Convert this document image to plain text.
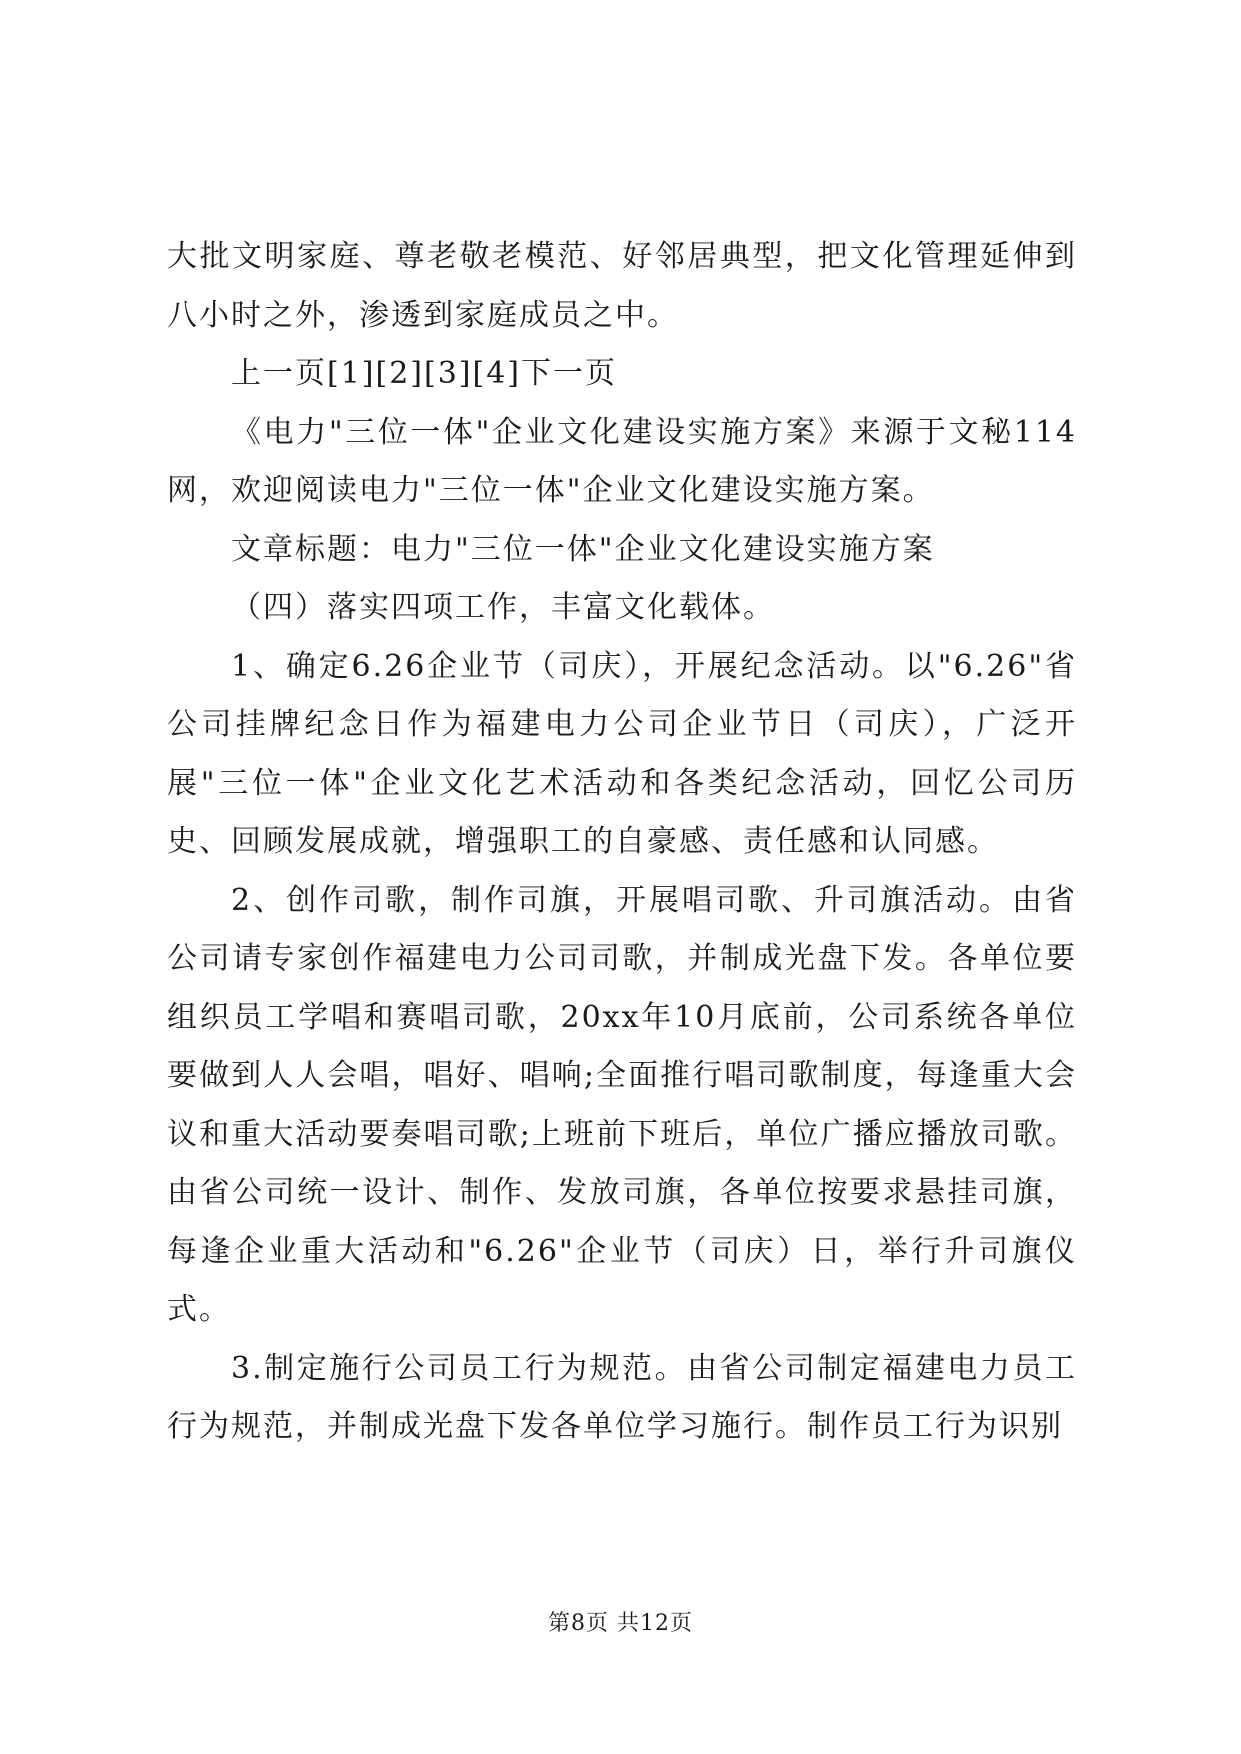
大批文明家庭、尊老敬老模范、好邻居典型，把文化管理延伸到八小时之外，渗透到家庭成员之中。

上一页[1][2][3][4]下一页

《电力"三位一体"企业文化建设实施方案》来源于文秘114网，欢迎阅读电力"三位一体"企业文化建设实施方案。

文章标题：电力"三位一体"企业文化建设实施方案

（四）落实四项工作，丰富文化载体。

1、确定6.26企业节（司庆），开展纪念活动。以"6.26"省公司挂牌纪念日作为福建电力公司企业节日（司庆），广泛开展"三位一体"企业文化艺术活动和各类纪念活动，回忆公司历史、回顾发展成就，增强职工的自豪感、责任感和认同感。

2、创作司歌，制作司旗，开展唱司歌、升司旗活动。由省公司请专家创作福建电力公司司歌，并制成光盘下发。各单位要组织员工学唱和赛唱司歌，20xx年10月底前，公司系统各单位要做到人人会唱，唱好、唱响;全面推行唱司歌制度，每逢重大会议和重大活动要奏唱司歌;上班前下班后，单位广播应播放司歌。由省公司统一设计、制作、发放司旗，各单位按要求悬挂司旗，每逢企业重大活动和"6.26"企业节（司庆）日，举行升司旗仪式。

3.制定施行公司员工行为规范。由省公司制定福建电力员工行为规范，并制成光盘下发各单位学习施行。制作员工行为识别

第8页 共12页
